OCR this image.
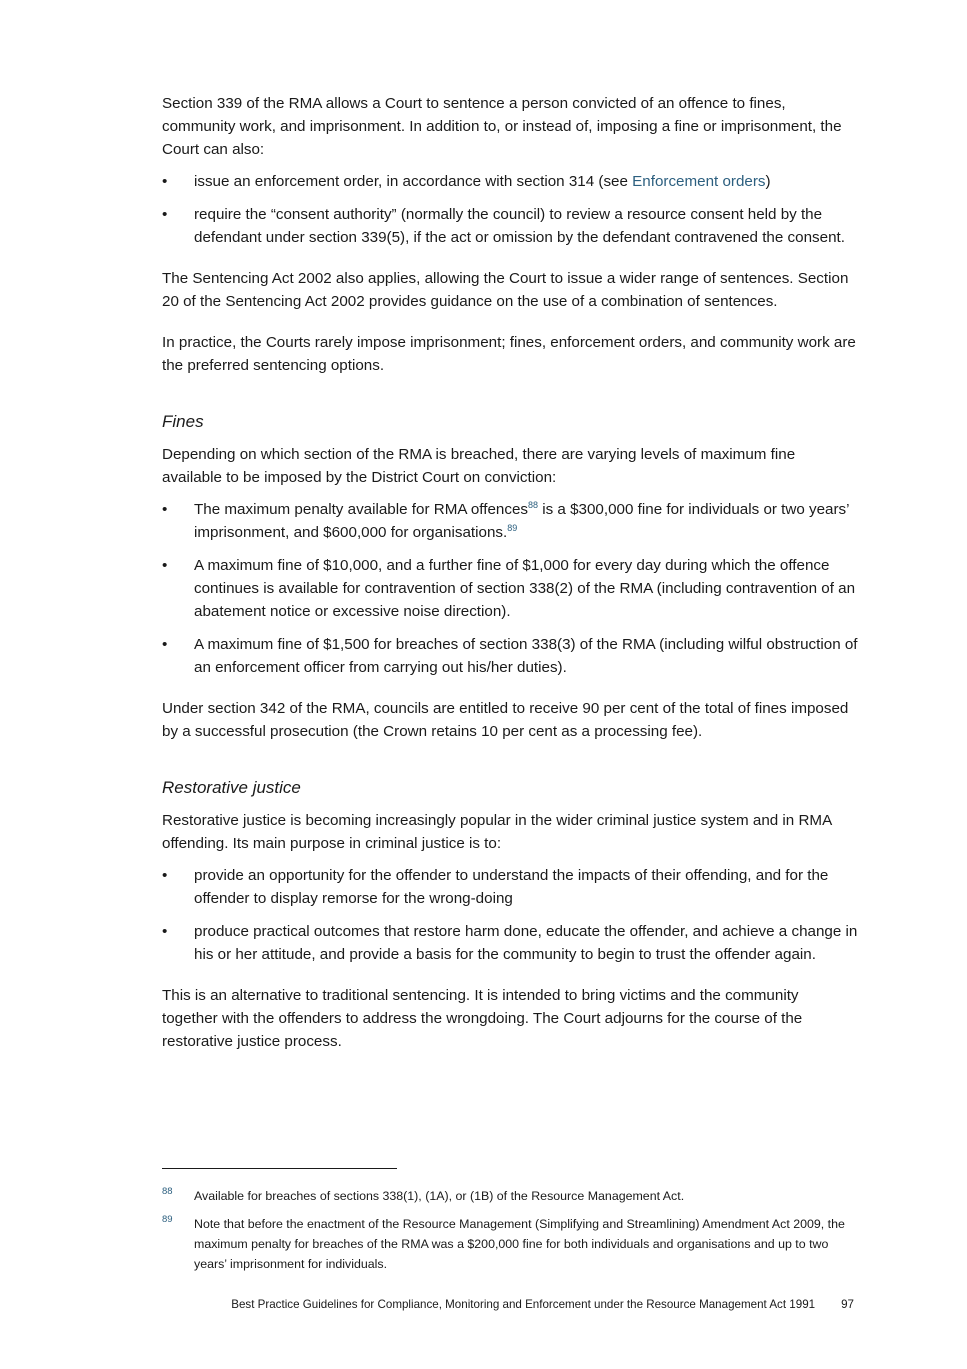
Section 339 of the RMA allows a Court to sentence a person convicted of an offence to fines, community work, and imprisonment. In addition to, or instead of, imposing a fine or imprisonment, the Court can also:

•	issue an enforcement order, in accordance with section 314 (see Enforcement orders)
•	require the “consent authority” (normally the council) to review a resource consent held by the defendant under section 339(5), if the act or omission by the defendant contravened the consent.

The Sentencing Act 2002 also applies, allowing the Court to issue a wider range of sentences. Section 20 of the Sentencing Act 2002 provides guidance on the use of a combination of sentences.

In practice, the Courts rarely impose imprisonment; fines, enforcement orders, and community work are the preferred sentencing options.

Fines

Depending on which section of the RMA is breached, there are varying levels of maximum fine available to be imposed by the District Court on conviction:

•	The maximum penalty available for RMA offences$^{88}$ is a $300,000 fine for individuals or two years’ imprisonment, and $600,000 for organisations.$^{89}$
•	A maximum fine of $10,000, and a further fine of $1,000 for every day during which the offence continues is available for contravention of section 338(2) of the RMA (including contravention of an abatement notice or excessive noise direction).
•	A maximum fine of $1,500 for breaches of section 338(3) of the RMA (including wilful obstruction of an enforcement officer from carrying out his/her duties).

Under section 342 of the RMA, councils are entitled to receive 90 per cent of the total of fines imposed by a successful prosecution (the Crown retains 10 per cent as a processing fee).

Restorative justice

Restorative justice is becoming increasingly popular in the wider criminal justice system and in RMA offending. Its main purpose in criminal justice is to:

•	provide an opportunity for the offender to understand the impacts of their offending, and for the offender to display remorse for the wrong-doing
•	produce practical outcomes that restore harm done, educate the offender, and achieve a change in his or her attitude, and provide a basis for the community to begin to trust the offender again.

This is an alternative to traditional sentencing. It is intended to bring victims and the community together with the offenders to address the wrongdoing. The Court adjourns for the course of the restorative justice process.

88 Available for breaches of sections 338(1), (1A), or (1B) of the Resource Management Act.
89 Note that before the enactment of the Resource Management (Simplifying and Streamlining) Amendment Act 2009, the maximum penalty for breaches of the RMA was a $200,000 fine for both individuals and organisations and up to two years’ imprisonment for individuals.
Best Practice Guidelines for Compliance, Monitoring and Enforcement under the Resource Management Act 1991 97
